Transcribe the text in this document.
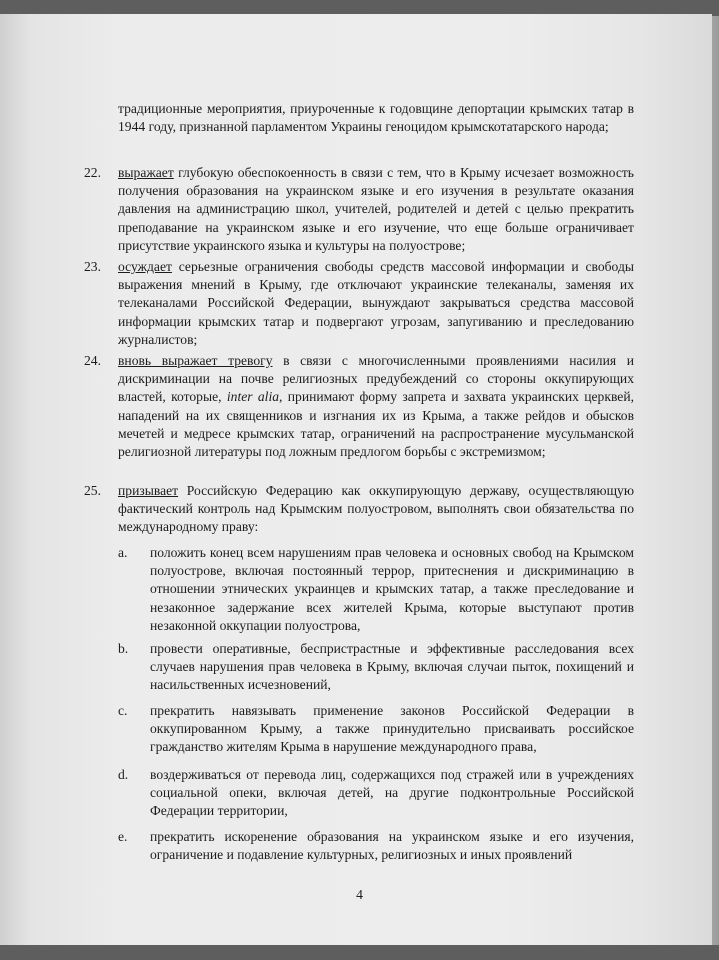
традиционные мероприятия, приуроченные к годовщине депортации крымских татар в 1944 году, признанной парламентом Украины геноцидом крымскотатарского народа;
22. выражает глубокую обеспокоенность в связи с тем, что в Крыму исчезает возможность получения образования на украинском языке и его изучения в результате оказания давления на администрацию школ, учителей, родителей и детей с целью прекратить преподавание на украинском языке и его изучение, что еще больше ограничивает присутствие украинского языка и культуры на полуострове;
23. осуждает серьезные ограничения свободы средств массовой информации и свободы выражения мнений в Крыму, где отключают украинские телеканалы, заменяя их телеканалами Российской Федерации, вынуждают закрываться средства массовой информации крымских татар и подвергают угрозам, запугиванию и преследованию журналистов;
24. вновь выражает тревогу в связи с многочисленными проявлениями насилия и дискриминации на почве религиозных предубеждений со стороны оккупирующих властей, которые, inter alia, принимают форму запрета и захвата украинских церквей, нападений на их священников и изгнания их из Крыма, а также рейдов и обысков мечетей и медресе крымских татар, ограничений на распространение мусульманской религиозной литературы под ложным предлогом борьбы с экстремизмом;
25. призывает Российскую Федерацию как оккупирующую державу, осуществляющую фактический контроль над Крымским полуостровом, выполнять свои обязательства по международному праву:
a. положить конец всем нарушениям прав человека и основных свобод на Крымском полуострове, включая постоянный террор, притеснения и дискриминацию в отношении этнических украинцев и крымских татар, а также преследование и незаконное задержание всех жителей Крыма, которые выступают против незаконной оккупации полуострова,
b. провести оперативные, беспристрастные и эффективные расследования всех случаев нарушения прав человека в Крыму, включая случаи пыток, похищений и насильственных исчезновений,
c. прекратить навязывать применение законов Российской Федерации в оккупированном Крыму, а также принудительно присваивать российское гражданство жителям Крыма в нарушение международного права,
d. воздерживаться от перевода лиц, содержащихся под стражей или в учреждениях социальной опеки, включая детей, на другие подконтрольные Российской Федерации территории,
e. прекратить искоренение образования на украинском языке и его изучения, ограничение и подавление культурных, религиозных и иных проявлений
4
